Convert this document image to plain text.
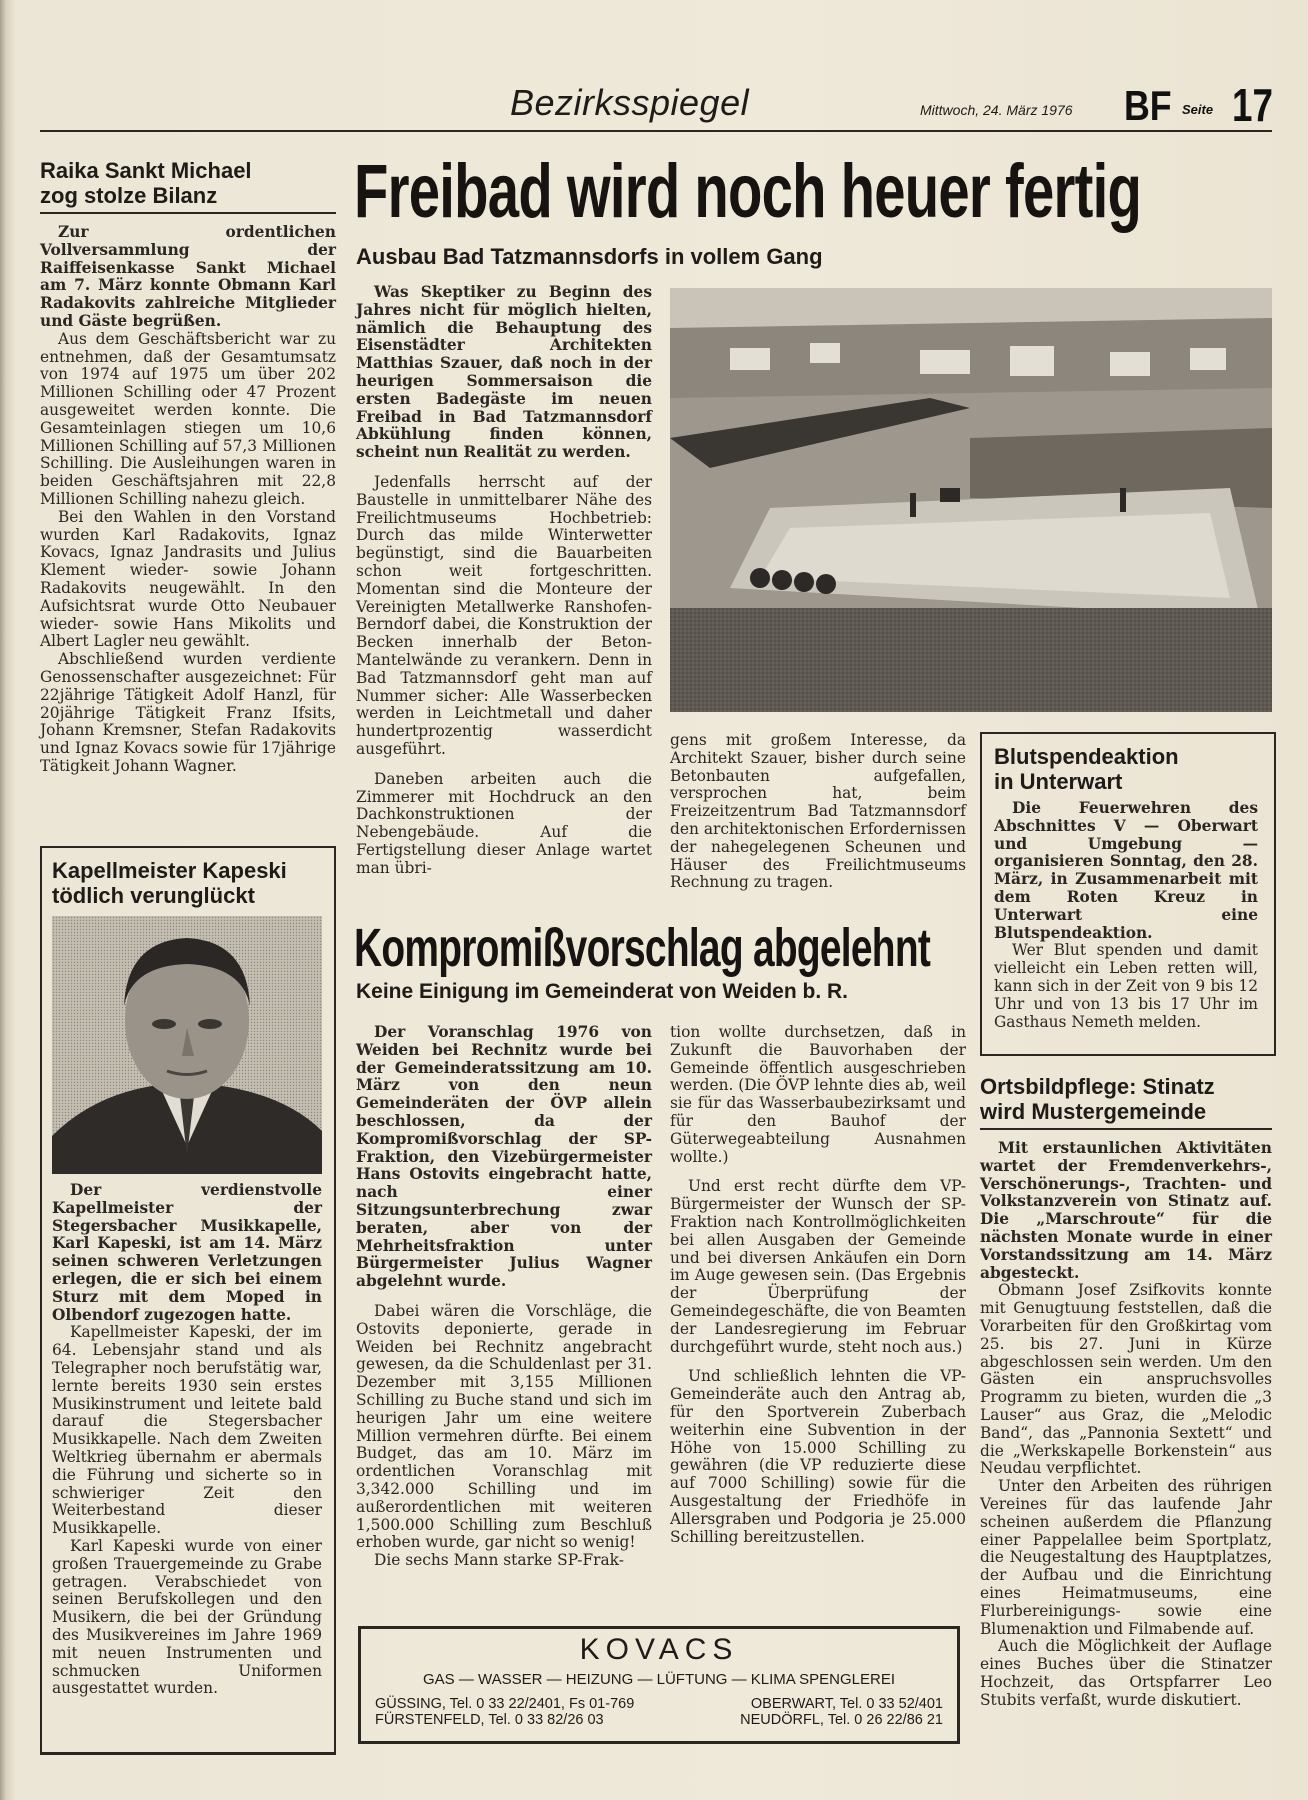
Bezirksspiegel	Mittwoch, 24. März 1976 BF Seite 17
Raika Sankt Michael
zog stolze Bilanz

Zur ordentlichen Vollversammlung der Raiffeisenkasse Sankt Michael am 7. März konnte Obmann Karl Radakovits zahlreiche Mitglieder und Gäste begrüßen.

Aus dem Geschäftsbericht war zu entnehmen, daß der Gesamtumsatz von 1974 auf 1975 um über 202 Millionen Schilling oder 47 Prozent ausgeweitet werden konnte. Die Gesamteinlagen stiegen um 10,6 Millionen Schilling auf 57,3 Millionen Schilling. Die Ausleihungen waren in beiden Geschäftsjahren mit 22,8 Millionen Schilling nahezu gleich.

Bei den Wahlen in den Vorstand wurden Karl Radakovits, Ignaz Kovacs, Ignaz Jandrasits und Julius Klement wieder- sowie Johann Radakovits neugewählt. In den Aufsichtsrat wurde Otto Neubauer wieder- sowie Hans Mikolits und Albert Lagler neu gewählt.

Abschließend wurden verdiente Genossenschafter ausgezeichnet: Für 22jährige Tätigkeit Adolf Hanzl, für 20jährige Tätigkeit Franz Ifsits, Johann Kremsner, Stefan Radakovits und Ignaz Kovacs sowie für 17jährige Tätigkeit Johann Wagner.

Kapellmeister Kapeski
tödlich verunglückt

Der verdienstvolle Kapellmeister der Stegersbacher Musikkapelle, Karl Kapeski, ist am 14. März seinen schweren Verletzungen erlegen, die er sich bei einem Sturz mit dem Moped in Olbendorf zugezogen hatte.

Kapellmeister Kapeski, der im 64. Lebensjahr stand und als Telegrapher noch berufstätig war, lernte bereits 1930 sein erstes Musikinstrument und leitete bald darauf die Stegersbacher Musikkapelle. Nach dem Zweiten Weltkrieg übernahm er abermals die Führung und sicherte so in schwieriger Zeit den Weiterbestand dieser Musikkapelle.

Karl Kapeski wurde von einer großen Trauergemeinde zu Grabe getragen. Verabschiedet von seinen Berufskollegen und den Musikern, die bei der Gründung des Musikvereines im Jahre 1969 mit neuen Instrumenten und schmucken Uniformen ausgestattet wurden.

Freibad wird noch heuer fertig
Ausbau Bad Tatzmannsdorfs in vollem Gang

Was Skeptiker zu Beginn des Jahres nicht für möglich hielten, nämlich die Behauptung des Eisenstädter Architekten Matthias Szauer, daß noch in der heurigen Sommersaison die ersten Badegäste im neuen Freibad in Bad Tatzmannsdorf Abkühlung finden können, scheint nun Realität zu werden.

Jedenfalls herrscht auf der Baustelle in unmittelbarer Nähe des Freilichtmuseums Hochbetrieb: Durch das milde Winterwetter begünstigt, sind die Bauarbeiten schon weit fortgeschritten. Momentan sind die Monteure der Vereinigten Metallwerke Ranshofen-Berndorf dabei, die Konstruktion der Becken innerhalb der Beton-Mantelwände zu verankern. Denn in Bad Tatzmannsdorf geht man auf Nummer sicher: Alle Wasserbecken werden in Leichtmetall und daher hundertprozentig wasserdicht ausgeführt.

Daneben arbeiten auch die Zimmerer mit Hochdruck an den Dachkonstruktionen der Nebengebäude. Auf die Fertigstellung dieser Anlage wartet man übri-

gens mit großem Interesse, da Architekt Szauer, bisher durch seine Betonbauten aufgefallen, versprochen hat, beim Freizeitzentrum Bad Tatzmannsdorf den architektonischen Erfordernissen der nahegelegenen Scheunen und Häuser des Freilichtmuseums Rechnung zu tragen.

Blutspendeaktion
in Unterwart

Die Feuerwehren des Abschnittes V — Oberwart und Umgebung — organisieren Sonntag, den 28. März, in Zusammenarbeit mit dem Roten Kreuz in Unterwart eine Blutspendeaktion.

Wer Blut spenden und damit vielleicht ein Leben retten will, kann sich in der Zeit von 9 bis 12 Uhr und von 13 bis 17 Uhr im Gasthaus Nemeth melden.

Kompromißvorschlag abgelehnt
Keine Einigung im Gemeinderat von Weiden b. R.

Der Voranschlag 1976 von Weiden bei Rechnitz wurde bei der Gemeinderatssitzung am 10. März von den neun Gemeinderäten der ÖVP allein beschlossen, da der Kompromißvorschlag der SP-Fraktion, den Vizebürgermeister Hans Ostovits eingebracht hatte, nach einer Sitzungsunterbrechung zwar beraten, aber von der Mehrheitsfraktion unter Bürgermeister Julius Wagner abgelehnt wurde.

Dabei wären die Vorschläge, die Ostovits deponierte, gerade in Weiden bei Rechnitz angebracht gewesen, da die Schuldenlast per 31. Dezember mit 3,155 Millionen Schilling zu Buche stand und sich im heurigen Jahr um eine weitere Million vermehren dürfte. Bei einem Budget, das am 10. März im ordentlichen Voranschlag mit 3,342.000 Schilling und im außerordentlichen mit weiteren 1,500.000 Schilling zum Beschluß erhoben wurde, gar nicht so wenig!

Die sechs Mann starke SP-Frak-

tion wollte durchsetzen, daß in Zukunft die Bauvorhaben der Gemeinde öffentlich ausgeschrieben werden. (Die ÖVP lehnte dies ab, weil sie für das Wasserbaubezirksamt und für den Bauhof der Güterwegeabteilung Ausnahmen wollte.)

Und erst recht dürfte dem VP-Bürgermeister der Wunsch der SP-Fraktion nach Kontrollmöglichkeiten bei allen Ausgaben der Gemeinde und bei diversen Ankäufen ein Dorn im Auge gewesen sein. (Das Ergebnis der Überprüfung der Gemeindegeschäfte, die von Beamten der Landesregierung im Februar durchgeführt wurde, steht noch aus.)

Und schließlich lehnten die VP-Gemeinderäte auch den Antrag ab, für den Sportverein Zuberbach weiterhin eine Subvention in der Höhe von 15.000 Schilling zu gewähren (die VP reduzierte diese auf 7000 Schilling) sowie für die Ausgestaltung der Friedhöfe in Allersgraben und Podgoria je 25.000 Schilling bereitzustellen.

Ortsbildpflege: Stinatz
wird Mustergemeinde

Mit erstaunlichen Aktivitäten wartet der Fremdenverkehrs-, Verschönerungs-, Trachten- und Volkstanzverein von Stinatz auf. Die „Marschroute“ für die nächsten Monate wurde in einer Vorstandssitzung am 14. März abgesteckt.

Obmann Josef Zsifkovits konnte mit Genugtuung feststellen, daß die Vorarbeiten für den Großkirtag vom 25. bis 27. Juni in Kürze abgeschlossen sein werden. Um den Gästen ein anspruchsvolles Programm zu bieten, wurden die „3 Lauser“ aus Graz, die „Melodic Band“, das „Pannonia Sextett“ und die „Werkskapelle Borkenstein“ aus Neudau verpflichtet.

Unter den Arbeiten des rührigen Vereines für das laufende Jahr scheinen außerdem die Pflanzung einer Pappelallee beim Sportplatz, die Neugestaltung des Hauptplatzes, der Aufbau und die Einrichtung eines Heimatmuseums, eine Flurbereinigungs- sowie eine Blumenaktion und Filmabende auf.

Auch die Möglichkeit der Auflage eines Buches über die Stinatzer Hochzeit, das Ortspfarrer Leo Stubits verfaßt, wurde diskutiert.

KOVACS
GAS — WASSER — HEIZUNG — LÜFTUNG — KLIMA SPENGLEREI
GÜSSING, Tel. 0 33 22/2401, Fs 01-769	OBERWART, Tel. 0 33 52/401
FÜRSTENFELD, Tel. 0 33 82/26 03	NEUDÖRFL, Tel. 0 26 22/86 21
